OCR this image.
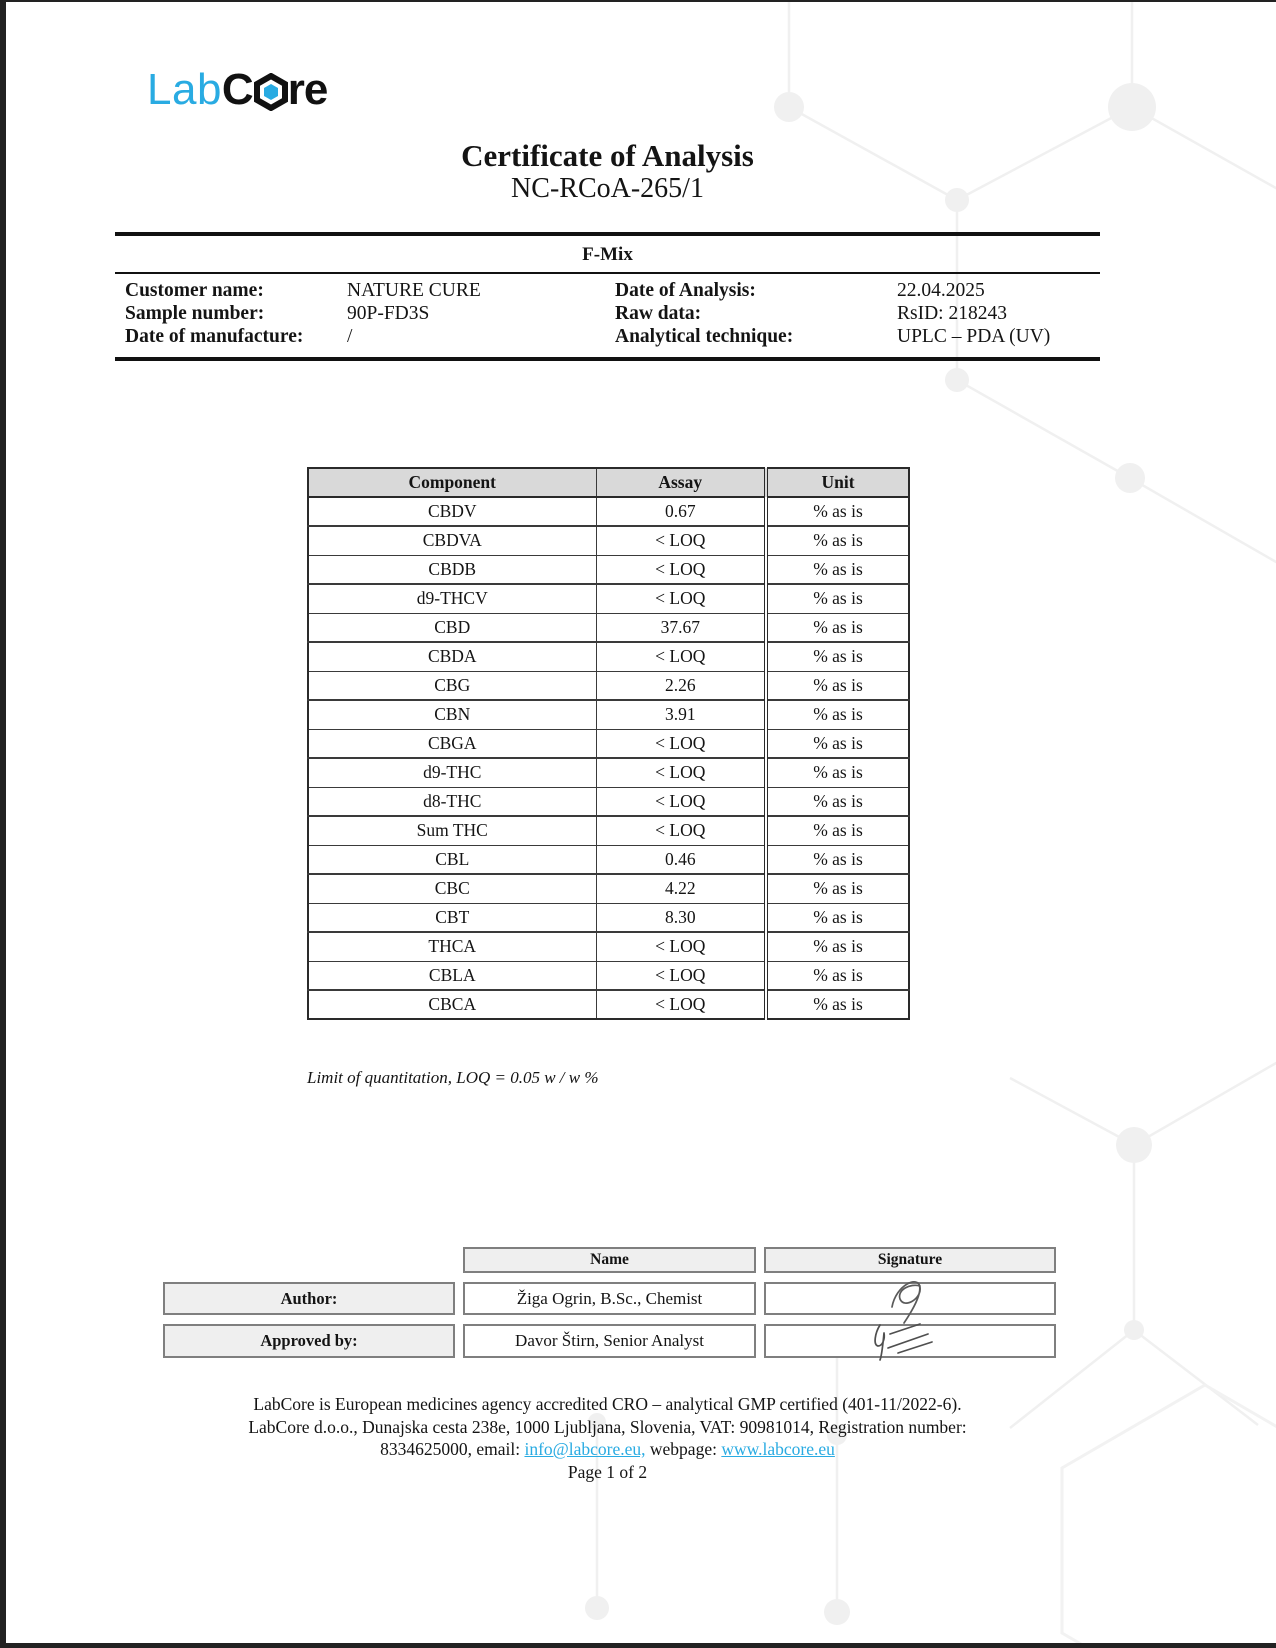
Lab C re
Certificate of Analysis
NC-RCoA-265/1
F-Mix
Customer name:	NATURE CURE	Date of Analysis:	22.04.2025
Sample number:	90P-FD3S	Raw data:	RsID: 218243
Date of manufacture:	/	Analytical technique:	UPLC – PDA (UV)
Component	Assay	Unit
CBDV	0.67	% as is
CBDVA	< LOQ	% as is
CBDB	< LOQ	% as is
d9-THCV	< LOQ	% as is
CBD	37.67	% as is
CBDA	< LOQ	% as is
CBG	2.26	% as is
CBN	3.91	% as is
CBGA	< LOQ	% as is
d9-THC	< LOQ	% as is
d8-THC	< LOQ	% as is
Sum THC	< LOQ	% as is
CBL	0.46	% as is
CBC	4.22	% as is
CBT	8.30	% as is
THCA	< LOQ	% as is
CBLA	< LOQ	% as is
CBCA	< LOQ	% as is
Limit of quantitation, LOQ = 0.05 w / w %
Name	Signature
Author:	Žiga Ogrin, B.Sc., Chemist
Approved by:	Davor Štirn, Senior Analyst
LabCore is European medicines agency accredited CRO – analytical GMP certified (401-11/2022-6).
LabCore d.o.o., Dunajska cesta 238e, 1000 Ljubljana, Slovenia, VAT: 90981014, Registration number:
8334625000, email: info@labcore.eu, webpage: www.labcore.eu
Page 1 of 2
